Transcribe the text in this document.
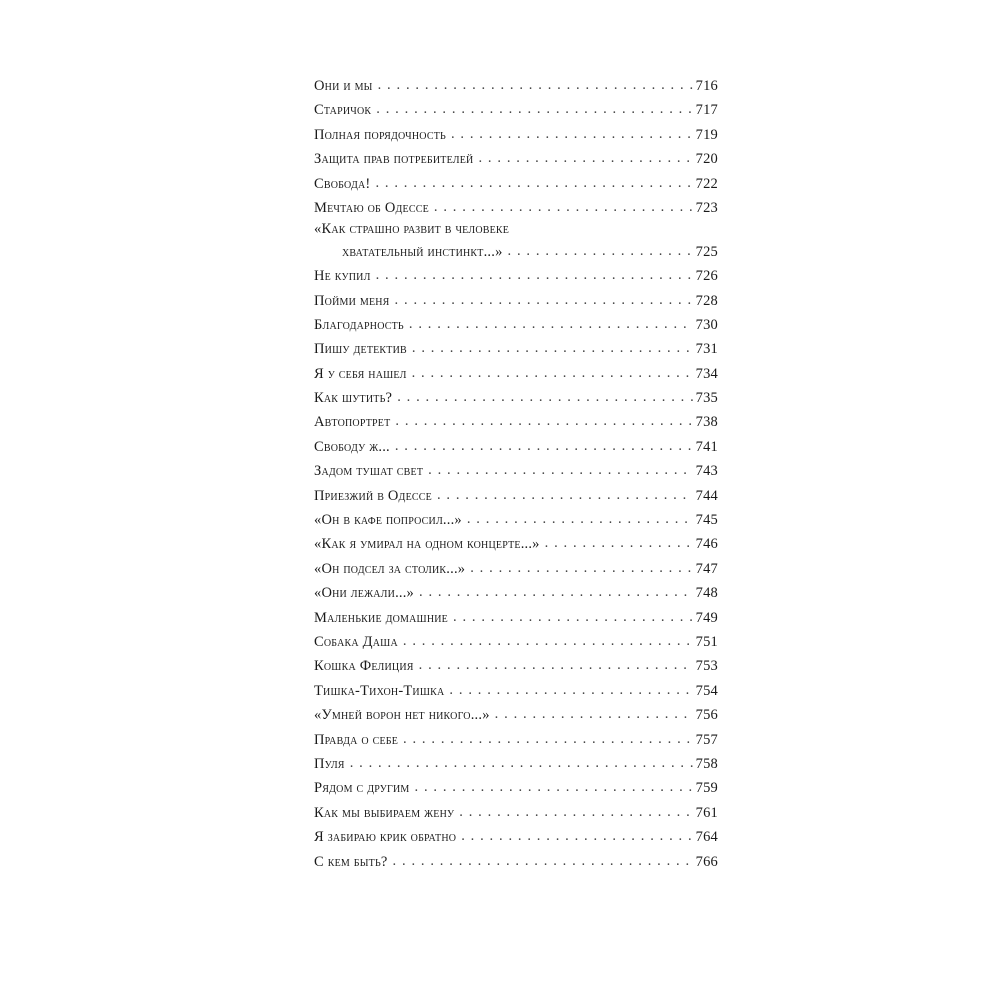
Они и мы . . .	716
Старичок . . .	717
Полная порядочность . . .	719
Защита прав потребителей . . .	720
Свобода! . . .	722
Мечтаю об Одессе . . .	723
«Как страшно развит в человеке
хватательный инстинкт...» . . .	725
Не купил . . .	726
Пойми меня . . .	728
Благодарность . . .	730
Пишу детектив . . .	731
Я у себя нашел . . .	734
Как шутить? . . .	735
Автопортрет . . .	738
Свободу ж... . . .	741
Задом тушат свет . . .	743
Приезжий в Одессе . . .	744
«Он в кафе попросил...» . . .	745
«Как я умирал на одном концерте...» . . .	746
«Он подсел за столик...» . . .	747
«Они лежали...» . . .	748
Маленькие домашние . . .	749
Собака Даша . . .	751
Кошка Фелиция . . .	753
Тишка-Тихон-Тишка . . .	754
«Умней ворон нет никого...» . . .	756
Правда о себе . . .	757
Пуля . . .	758
Рядом с другим . . .	759
Как мы выбираем жену . . .	761
Я забираю крик обратно . . .	764
С кем быть? . . .	766
